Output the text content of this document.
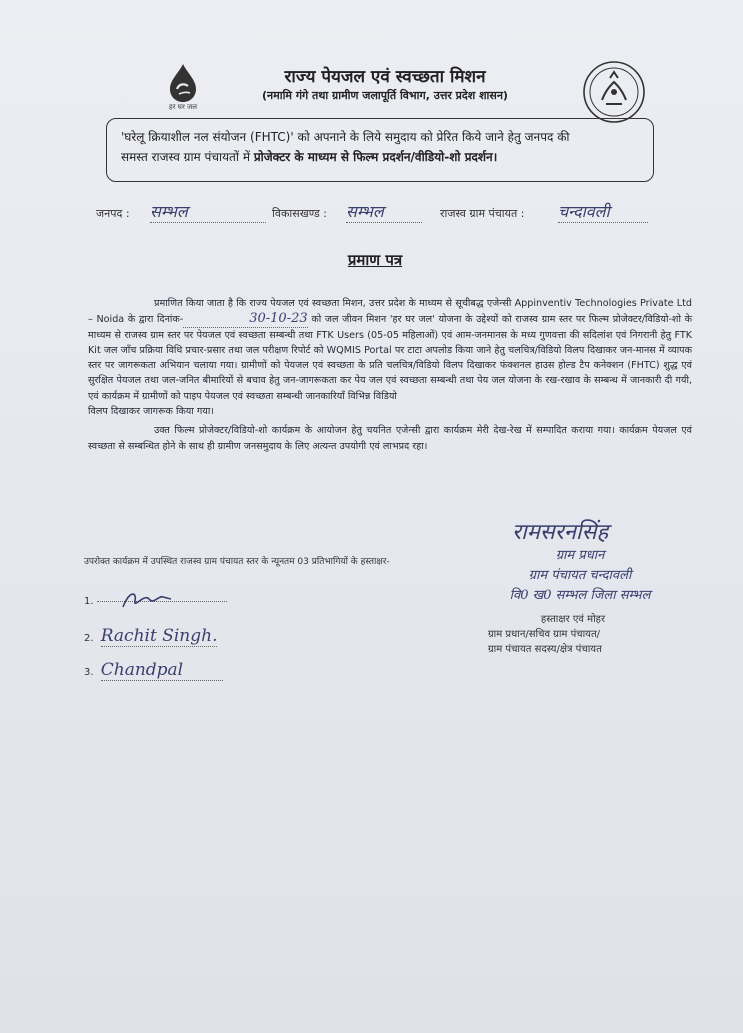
हर घर जल
राज्य पेयजल एवं स्वच्छता मिशन
(नमामि गंगे तथा ग्रामीण जलापूर्ति विभाग, उत्तर प्रदेश शासन)
'घरेलू क्रियाशील नल संयोजन (FHTC)' को अपनाने के लिये समुदाय को प्रेरित किये जाने हेतु जनपद की
समस्त राजस्व ग्राम पंचायतों में प्रोजेक्टर के माध्यम से फिल्म प्रदर्शन/वीडियो-शो प्रदर्शन।
जनपद : सम्भल	विकासखण्ड : सम्भल	राजस्व ग्राम पंचायत : चन्दावली
प्रमाण पत्र

प्रमाणित किया जाता है कि राज्य पेयजल एवं स्वच्छता मिशन, उत्तर प्रदेश के माध्यम से सूचीबद्ध एजेन्सी Appinventiv Technologies Private Ltd – Noida के द्वारा दिनांक-	30-10-23 को जल जीवन मिशन 'हर घर जल' योजना के उद्देश्यों को राजस्व ग्राम स्तर पर फिल्म प्रोजेक्टर/विडियो-शो के माध्यम से राजस्व ग्राम स्तर पर पेयजल एवं स्वच्छता सम्बन्धी तथा FTK Users (05-05 महिलाओं) एवं आम-जनमानस के मध्य गुणवत्ता की सदिलांश एवं निगरानी हेतु FTK Kit जल जाँच प्रक्रिया विधि प्रचार-प्रसार तथा जल परीक्षण रिपोर्ट को WQMIS Portal पर टाटा अपलोड किया जाने हेतु चलचित्र/विडियो विलप दिखाकर जन-मानस में व्यापक स्तर पर जागरूकता अभियान चलाया गया। ग्रामीणों को पेयजल एवं स्वच्छता के प्रति चलचित्र/विडियो विलप दिखाकर फंक्शनल हाउस होल्ड टैप कनेक्शन (FHTC) शुद्ध एवं सुरक्षित पेयजल तथा जल-जनित बीमारियों से बचाव हेतु जन-जागरूकता कर पेय जल एवं स्वच्छता सम्बन्धी तथा पेय जल योजना के रख-रखाव के सम्बन्ध में जानकारी दी गयी, एवं कार्यक्रम में ग्रामीणों को पाइप पेयजल एवं स्वच्छता सम्बन्धी जानकारियाँ विभिन्न विडियो

विलप दिखाकर जागरूक किया गया।

उक्त फिल्म प्रोजेक्टर/विडियो-शो कार्यक्रम के आयोजन हेतु चयनित एजेन्सी द्वारा कार्यक्रम मेरी देख-रेख में सम्पादित कराया गया। कार्यक्रम पेयजल एवं स्वच्छता से सम्बन्धित होने के साथ ही ग्रामीण जनसमुदाय के लिए अत्यन्त उपयोगी एवं लाभप्रद रहा।

रामसरनसिंह
ग्राम प्रधान
ग्राम पंचायत चन्दावली
वि0 ख0 सम्भल जिला सम्भल
हस्ताक्षर एवं मोहर
ग्राम प्रधान/सचिव ग्राम पंचायत/
ग्राम पंचायत सदस्य/क्षेत्र पंचायत
उपरोक्त कार्यक्रम में उपस्थित राजस्व ग्राम पंचायत स्तर के न्यूनतम 03 प्रतिभागियों के हस्ताक्षर-
1.
2. Rachit Singh.
3. Chandpal
